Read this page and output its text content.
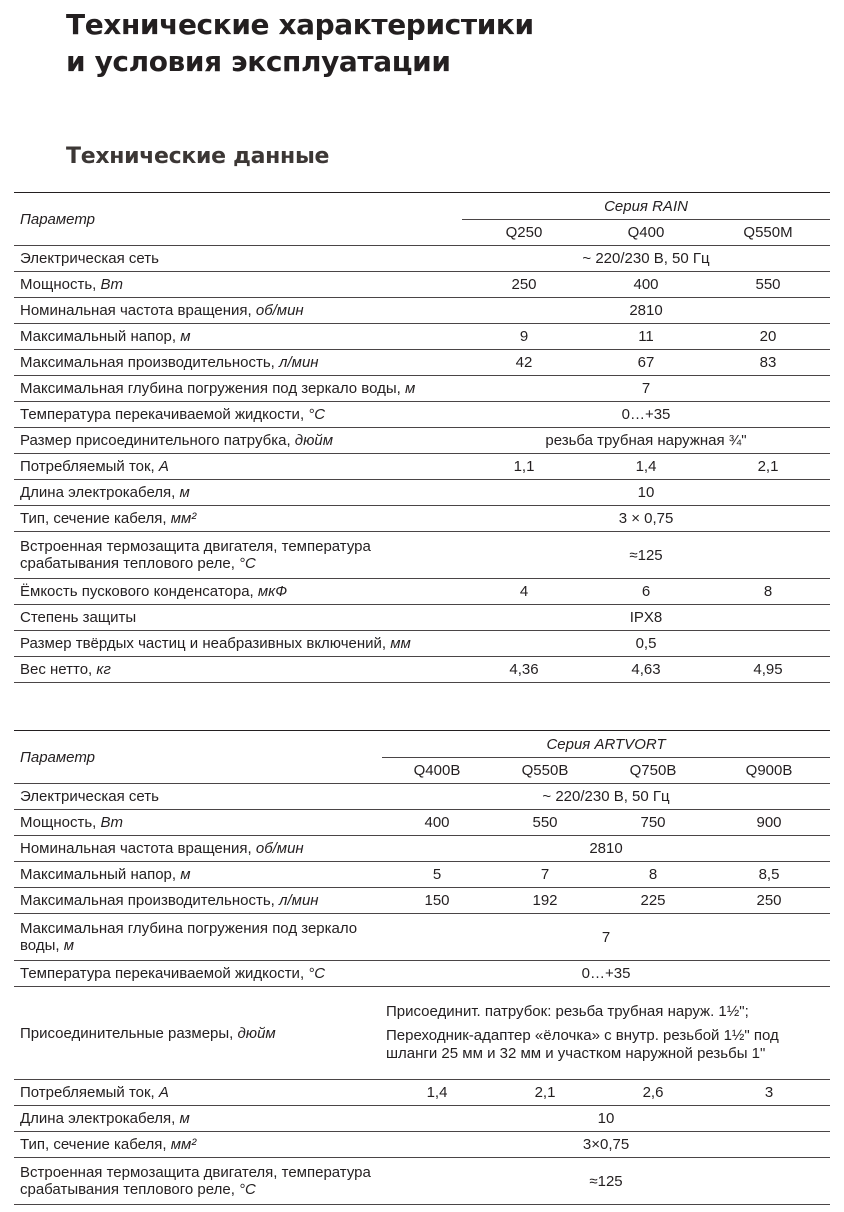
Технические характеристики
и условия эксплуатации
Технические данные
Параметр	Серия RAIN		
	Q250	Q400	Q550M
Электрическая сеть	~ 220/230 В, 50 Гц		
Мощность, Вт	250	400	550
Номинальная частота вращения, об/мин	2810		
Максимальный напор, м	9	11	20
Максимальная производительность, л/мин	42	67	83
Максимальная глубина погружения под зеркало воды, м	7		
Температура перекачиваемой жидкости, °С	0…+35		
Размер присоединительного патрубка, дюйм	резьба трубная наружная ¾"		
Потребляемый ток, А	1,1	1,4	2,1
Длина электрокабеля, м	10		
Тип, сечение кабеля, мм²	3 × 0,75		
Встроенная термозащита двигателя, температура срабатывания теплового реле, °С	≈125		
Ёмкость пускового конденсатора, мкФ	4	6	8
Степень защиты	IPX8		
Размер твёрдых частиц и неабразивных включений, мм	0,5		
Вес нетто, кг	4,36	4,63	4,95
Параметр	Серия ARTVORT			
	Q400B	Q550B	Q750B	Q900B
Электрическая сеть	~ 220/230 В, 50 Гц			
Мощность, Вт	400	550	750	900
Номинальная частота вращения, об/мин	2810			
Максимальный напор, м	5	7	8	8,5
Максимальная производительность, л/мин	150	192	225	250
Максимальная глубина погружения под зеркало воды, м	7			
Температура перекачиваемой жидкости, °С	0…+35			
Присоединительные размеры, дюйм	Присоединит. патрубок: резьба трубная наруж. 1½";
Переходник-адаптер «ёлочка» с внутр. резьбой 1½" под шланги 25 мм и 32 мм и участком наружной резьбы 1"			

Потребляемый ток, А	1,4	2,1	2,6	3
Длина электрокабеля, м	10			
Тип, сечение кабеля, мм²	3×0,75			
Встроенная термозащита двигателя, температура срабатывания теплового реле, °С	≈125			
